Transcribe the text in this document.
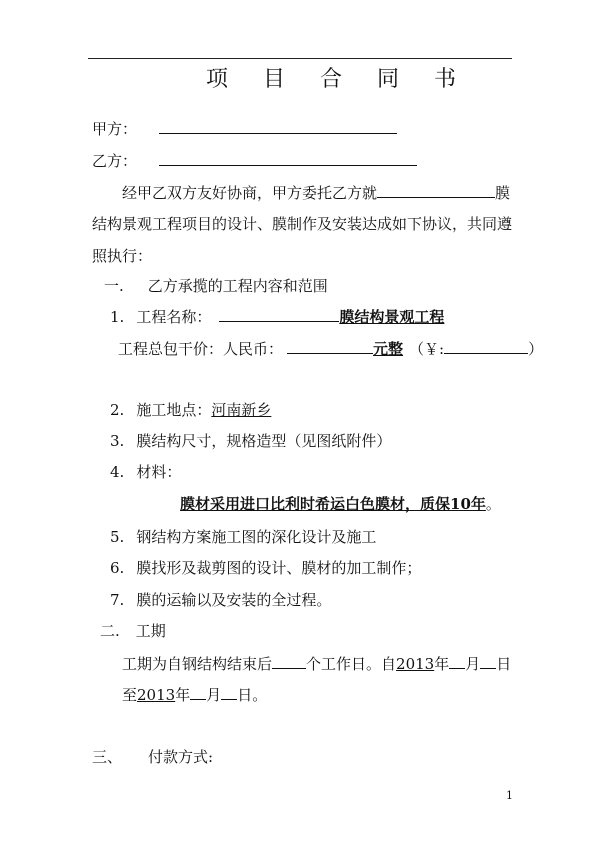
项 目 合 同 书
甲方：
乙方：
经甲乙双方友好协商，甲方委托乙方就	膜
结构景观工程项目的设计、膜制作及安装达成如下协议，共同遵
照执行：
一. 乙方承揽的工程内容和范围
1. 工程名称：	膜结构景观工程
工程总包干价：人民币：	元整 （￥:	）
2. 施工地点：河南新乡
3. 膜结构尺寸，规格造型（见图纸附件）
4. 材料：
膜材采用进口比利时希运白色膜材，质保10年。
5. 钢结构方案施工图的深化设计及施工
6. 膜找形及裁剪图的设计、膜材的加工制作；
7. 膜的运输以及安装的全过程。
二. 工期
工期为自钢结构结束后 个工作日。自2013年 月 日
至2013年 月 日。
三、 付款方式:
1
